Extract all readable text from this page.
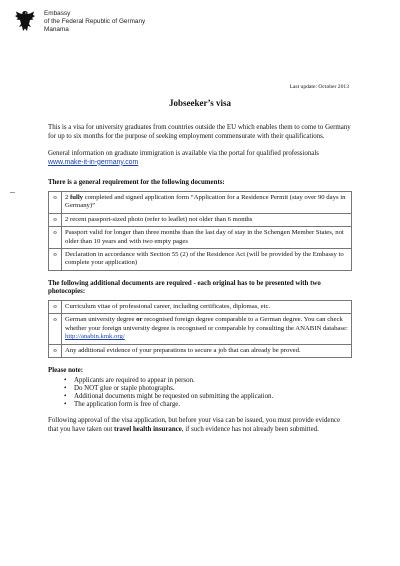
Embassy
of the Federal Republic of Germany
Manama
Last update: October 2013
Jobseeker’s visa

This is a visa for university graduates from countries outside the EU which enables them to come to Germany for up to six months for the purpose of seeking employment commensurate with their qualifications.

General information on graduate immigration is available via the portal for qualified professionals www.make-it-in-germany.com

There is a general requirement for the following documents:

o	2 fully completed and signed application form “Application for a Residence Permit (stay over 90 days in Germany)”
o	2 recent passport-sized photo (refer to leaflet) not older than 6 months
o	Passport valid for longer than three months than the last day of stay in the Schengen Member States, not older than 10 years and with two empty pages
o	Declaration in accordance with Section 55 (2) of the Residence Act (will be provided by the Embassy to complete your application)

The following additional documents are required - each original has to be presented with two photocopies:

o	Curriculum vitae of professional career, including certificates, diplomas, etc.
o	German university degree or recognised foreign degree comparable to a German degree. You can check whether your foreign university degree is recognised or comparable by consulting the ANABIN database: http://anabin.kmk.org/
o	Any additional evidence of your preparations to secure a job that can already be proved.

Please note:

• Applicants are required to appear in person.
• Do NOT glue or staple photographs.
• Additional documents might be requested on submitting the application.
• The application form is free of charge.

Following approval of the visa application, but before your visa can be issued, you must provide evidence that you have taken out travel health insurance, if such evidence has not already been submitted.
